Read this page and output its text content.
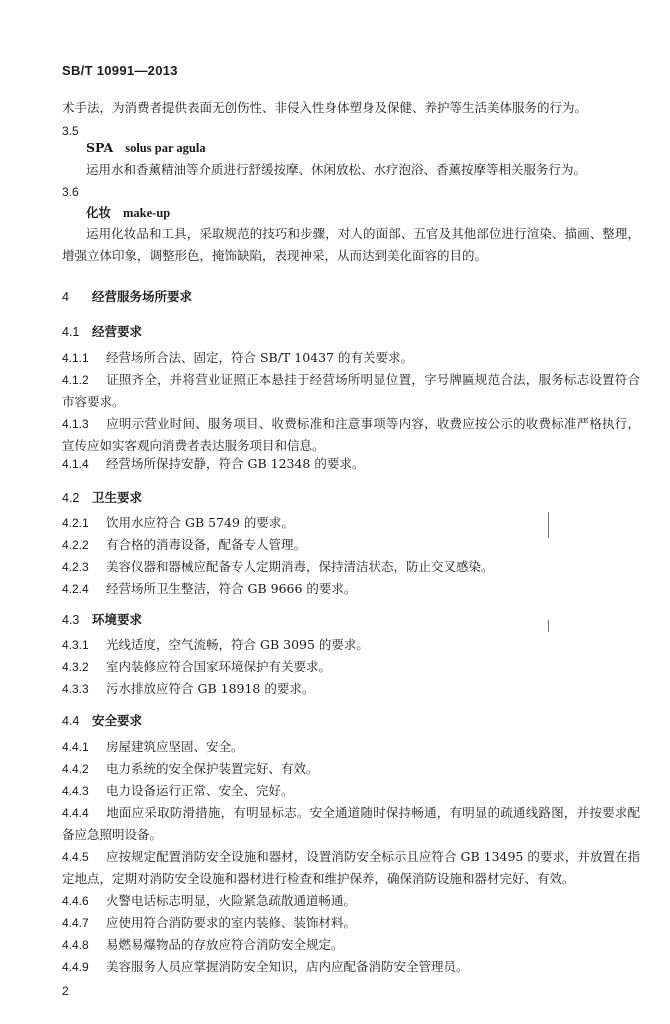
SB/T 10991—2013
术手法，为消费者提供表面无创伤性、非侵入性身体塑身及保健、养护等生活美体服务的行为。
3.5
SPA solus par agula
运用水和香薰精油等介质进行舒缓按摩、休闲放松、水疗泡浴、香薰按摩等相关服务行为。
3.6
化妆 make-up
运用化妆品和工具，采取规范的技巧和步骤，对人的面部、五官及其他部位进行渲染、描画、整理，增强立体印象，调整形色，掩饰缺陷，表现神采，从而达到美化面容的目的。
4 经营服务场所要求
4.1 经营要求
4.1.1 经营场所合法、固定，符合 SB/T 10437 的有关要求。
4.1.2 证照齐全，并将营业证照正本悬挂于经营场所明显位置，字号牌匾规范合法，服务标志设置符合市容要求。
4.1.3 应明示营业时间、服务项目、收费标准和注意事项等内容，收费应按公示的收费标准严格执行，宣传应如实客观向消费者表达服务项目和信息。
4.1.4 经营场所保持安静，符合 GB 12348 的要求。
4.2 卫生要求
4.2.1 饮用水应符合 GB 5749 的要求。
4.2.2 有合格的消毒设备，配备专人管理。
4.2.3 美容仪器和器械应配备专人定期消毒，保持清洁状态，防止交叉感染。
4.2.4 经营场所卫生整洁，符合 GB 9666 的要求。
4.3 环境要求
4.3.1 光线适度，空气流畅，符合 GB 3095 的要求。
4.3.2 室内装修应符合国家环境保护有关要求。
4.3.3 污水排放应符合 GB 18918 的要求。
4.4 安全要求
4.4.1 房屋建筑应坚固、安全。
4.4.2 电力系统的安全保护装置完好、有效。
4.4.3 电力设备运行正常、安全、完好。
4.4.4 地面应采取防滑措施，有明显标志。安全通道随时保持畅通，有明显的疏通线路图，并按要求配备应急照明设备。
4.4.5 应按规定配置消防安全设施和器材，设置消防安全标示且应符合 GB 13495 的要求，并放置在指定地点，定期对消防安全设施和器材进行检查和维护保养，确保消防设施和器材完好、有效。
4.4.6 火警电话标志明显，火险紧急疏散通道畅通。
4.4.7 应使用符合消防要求的室内装修、装饰材料。
4.4.8 易燃易爆物品的存放应符合消防安全规定。
4.4.9 美容服务人员应掌握消防安全知识，店内应配备消防安全管理员。
2
